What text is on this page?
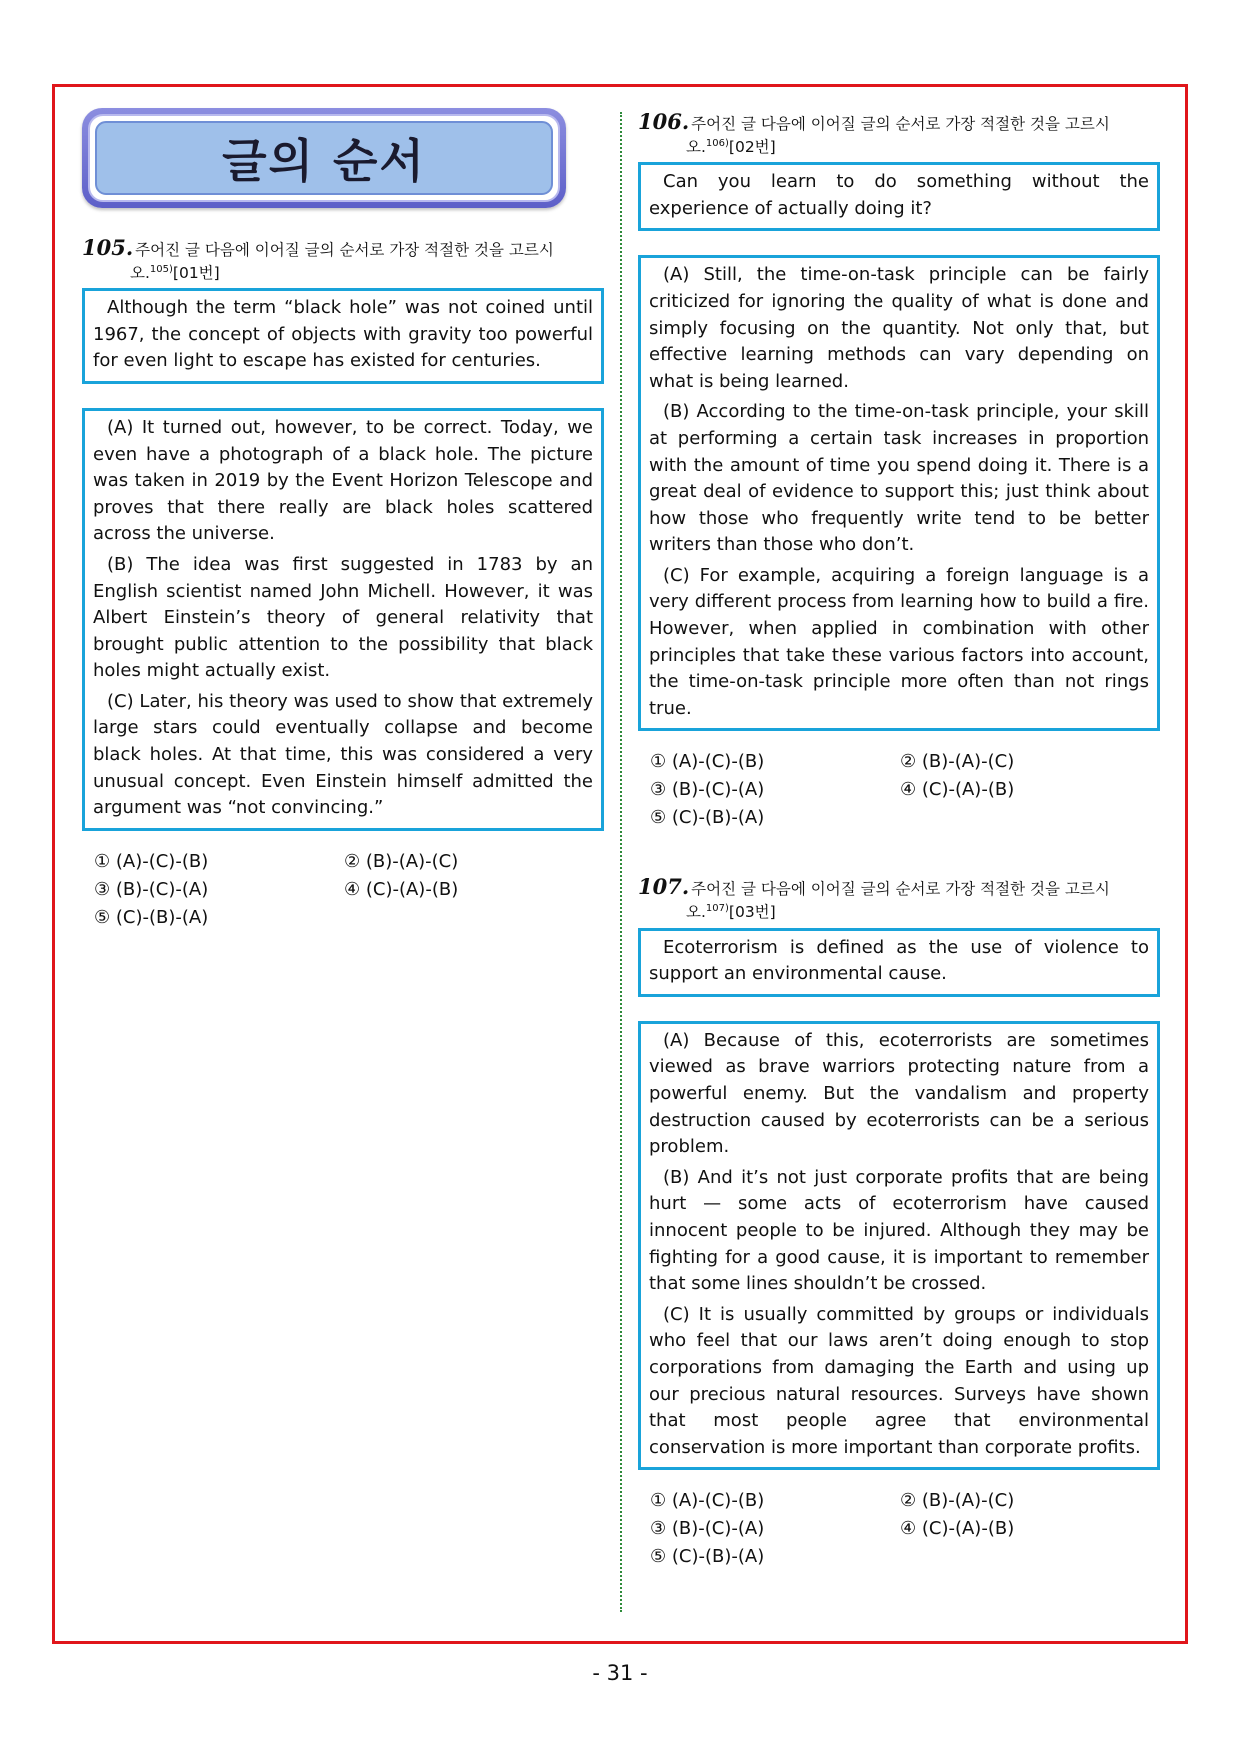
글의 순서
105. 주어진 글 다음에 이어질 글의 순서로 가장 적절한 것을 고르시
오.$^{105)}$[01번]

Although the term “black hole” was not coined until 1967, the concept of objects with gravity too powerful for even light to escape has existed for centuries.

(A) It turned out, however, to be correct. Today, we even have a photograph of a black hole. The picture was taken in 2019 by the Event Horizon Telescope and proves that there really are black holes scattered across the universe.

(B) The idea was first suggested in 1783 by an English scientist named John Michell. However, it was Albert Einstein’s theory of general relativity that brought public attention to the possibility that black holes might actually exist.

(C) Later, his theory was used to show that extremely large stars could eventually collapse and become black holes. At that time, this was considered a very unusual concept. Even Einstein himself admitted the argument was “not convincing.”

① (A)-(C)-(B)	② (B)-(A)-(C)
③ (B)-(C)-(A)	④ (C)-(A)-(B)
⑤ (C)-(B)-(A)
106. 주어진 글 다음에 이어질 글의 순서로 가장 적절한 것을 고르시
오.$^{106)}$[02번]

Can you learn to do something without the experience of actually doing it?

(A) Still, the time-on-task principle can be fairly criticized for ignoring the quality of what is done and simply focusing on the quantity. Not only that, but effective learning methods can vary depending on what is being learned.

(B) According to the time-on-task principle, your skill at performing a certain task increases in proportion with the amount of time you spend doing it. There is a great deal of evidence to support this; just think about how those who frequently write tend to be better writers than those who don’t.

(C) For example, acquiring a foreign language is a very different process from learning how to build a fire. However, when applied in combination with other principles that take these various factors into account, the time-on-task principle more often than not rings true.

① (A)-(C)-(B)	② (B)-(A)-(C)
③ (B)-(C)-(A)	④ (C)-(A)-(B)
⑤ (C)-(B)-(A)
107. 주어진 글 다음에 이어질 글의 순서로 가장 적절한 것을 고르시
오.$^{107)}$[03번]

Ecoterrorism is defined as the use of violence to support an environmental cause.

(A) Because of this, ecoterrorists are sometimes viewed as brave warriors protecting nature from a powerful enemy. But the vandalism and property destruction caused by ecoterrorists can be a serious problem.

(B) And it’s not just corporate profits that are being hurt — some acts of ecoterrorism have caused innocent people to be injured. Although they may be fighting for a good cause, it is important to remember that some lines shouldn’t be crossed.

(C) It is usually committed by groups or individuals who feel that our laws aren’t doing enough to stop corporations from damaging the Earth and using up our precious natural resources. Surveys have shown that most people agree that environmental conservation is more important than corporate profits.

① (A)-(C)-(B)	② (B)-(A)-(C)
③ (B)-(C)-(A)	④ (C)-(A)-(B)
⑤ (C)-(B)-(A)
- 31 -
